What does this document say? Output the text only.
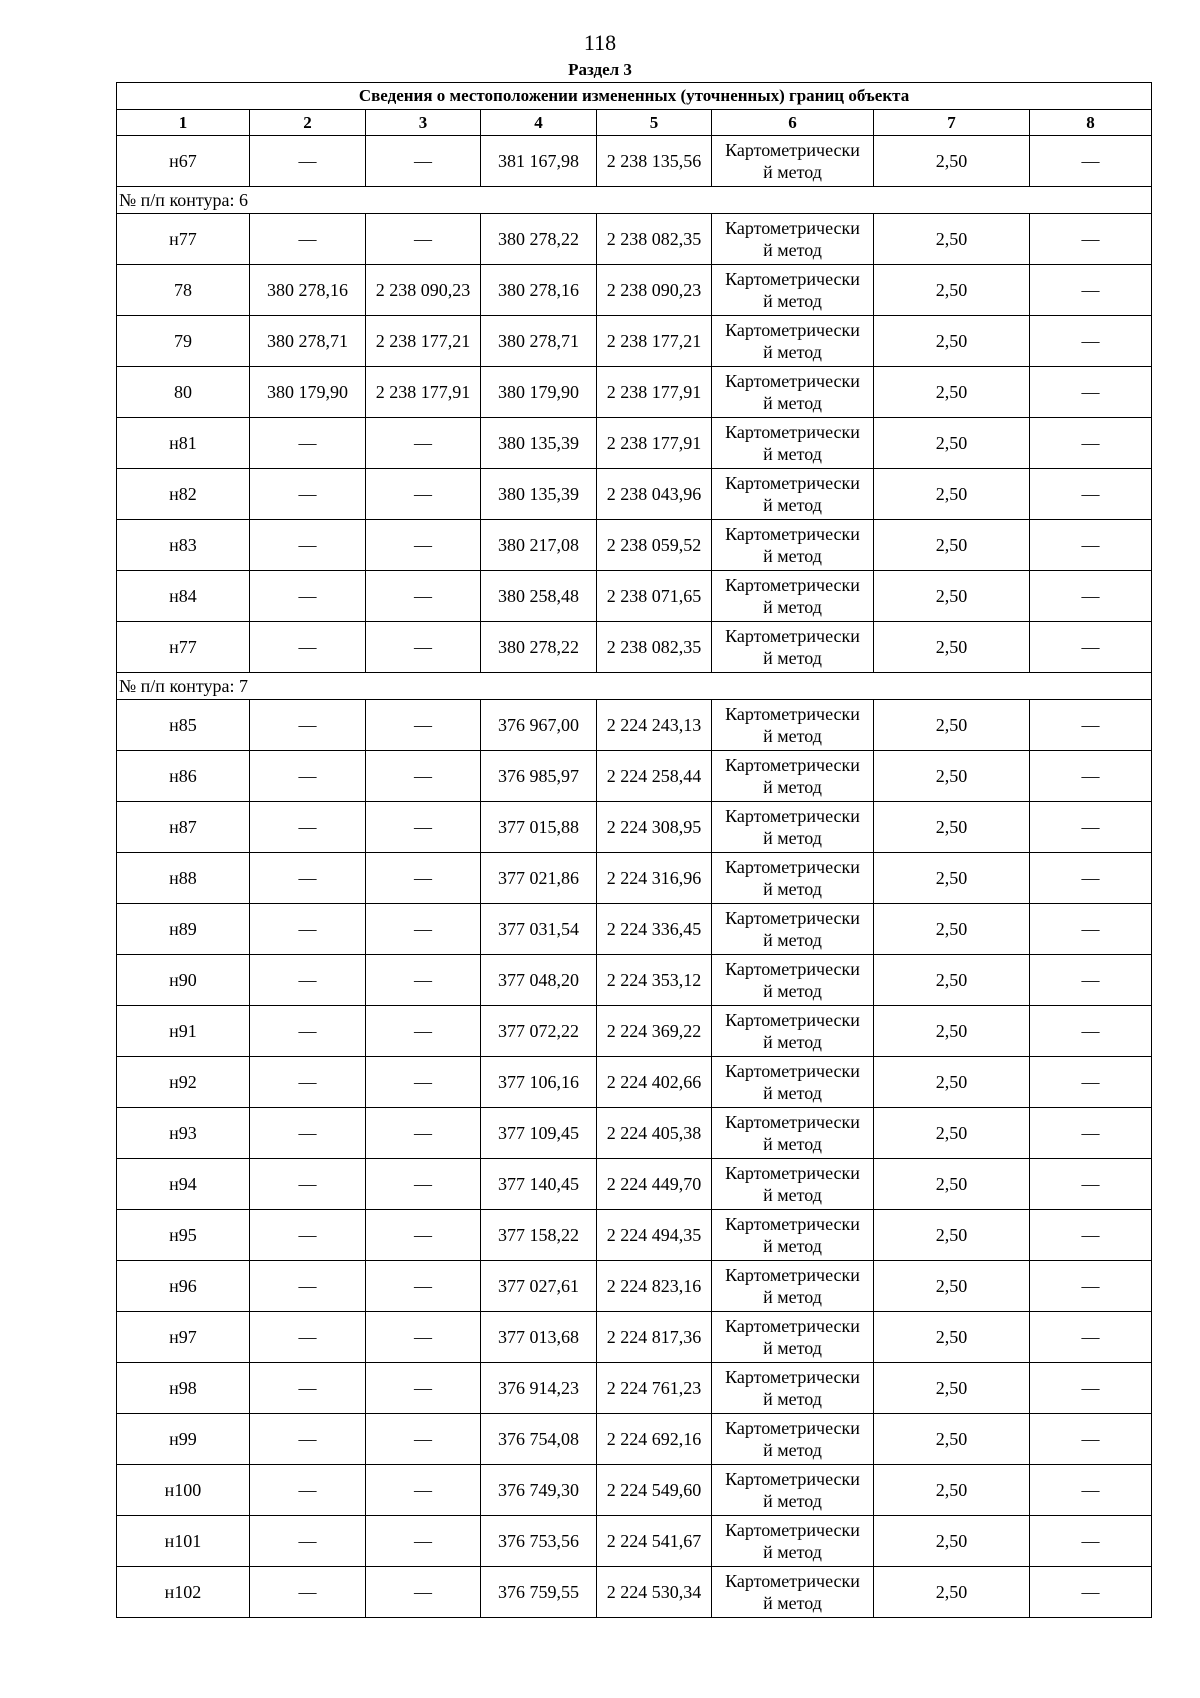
118
Раздел 3
Сведения о местоположении измененных (уточненных) границ объекта							
1	2	3	4	5	6	7	8
н67	—	—	381 167,98	2 238 135,56	Картометрически
й метод	2,50	—
№ п/п контура: 6							
н77	—	—	380 278,22	2 238 082,35	Картометрически
й метод	2,50	—
78	380 278,16	2 238 090,23	380 278,16	2 238 090,23	Картометрически
й метод	2,50	—
79	380 278,71	2 238 177,21	380 278,71	2 238 177,21	Картометрически
й метод	2,50	—
80	380 179,90	2 238 177,91	380 179,90	2 238 177,91	Картометрически
й метод	2,50	—
н81	—	—	380 135,39	2 238 177,91	Картометрически
й метод	2,50	—
н82	—	—	380 135,39	2 238 043,96	Картометрически
й метод	2,50	—
н83	—	—	380 217,08	2 238 059,52	Картометрически
й метод	2,50	—
н84	—	—	380 258,48	2 238 071,65	Картометрически
й метод	2,50	—
н77	—	—	380 278,22	2 238 082,35	Картометрически
й метод	2,50	—
№ п/п контура: 7							
н85	—	—	376 967,00	2 224 243,13	Картометрически
й метод	2,50	—
н86	—	—	376 985,97	2 224 258,44	Картометрически
й метод	2,50	—
н87	—	—	377 015,88	2 224 308,95	Картометрически
й метод	2,50	—
н88	—	—	377 021,86	2 224 316,96	Картометрически
й метод	2,50	—
н89	—	—	377 031,54	2 224 336,45	Картометрически
й метод	2,50	—
н90	—	—	377 048,20	2 224 353,12	Картометрически
й метод	2,50	—
н91	—	—	377 072,22	2 224 369,22	Картометрически
й метод	2,50	—
н92	—	—	377 106,16	2 224 402,66	Картометрически
й метод	2,50	—
н93	—	—	377 109,45	2 224 405,38	Картометрически
й метод	2,50	—
н94	—	—	377 140,45	2 224 449,70	Картометрически
й метод	2,50	—
н95	—	—	377 158,22	2 224 494,35	Картометрически
й метод	2,50	—
н96	—	—	377 027,61	2 224 823,16	Картометрически
й метод	2,50	—
н97	—	—	377 013,68	2 224 817,36	Картометрически
й метод	2,50	—
н98	—	—	376 914,23	2 224 761,23	Картометрически
й метод	2,50	—
н99	—	—	376 754,08	2 224 692,16	Картометрически
й метод	2,50	—
н100	—	—	376 749,30	2 224 549,60	Картометрически
й метод	2,50	—
н101	—	—	376 753,56	2 224 541,67	Картометрически
й метод	2,50	—
н102	—	—	376 759,55	2 224 530,34	Картометрически
й метод	2,50	—
